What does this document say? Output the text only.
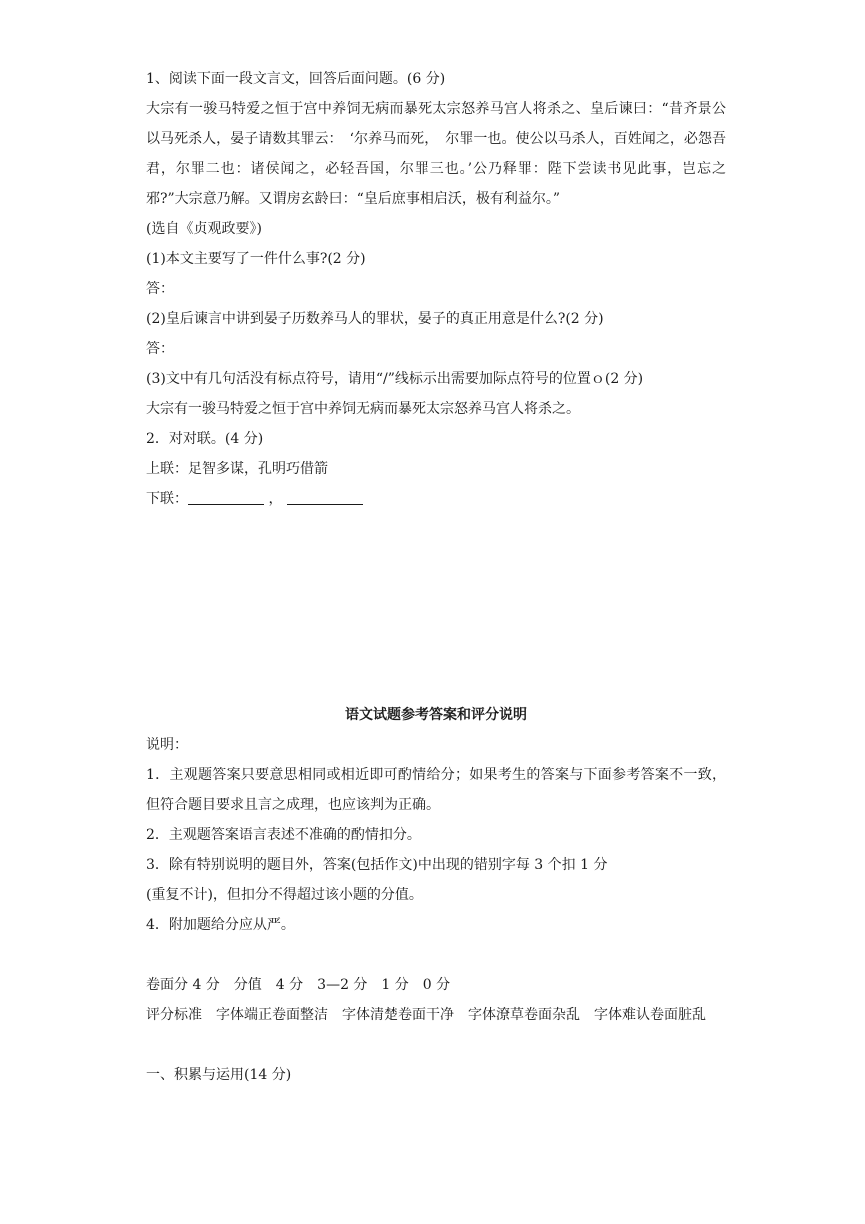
1、阅读下面一段文言文，回答后面问题。(6 分)
大宗有一骏马特爱之恒于宫中养饲无病而暴死太宗怒养马宫人将杀之、皇后谏曰：“昔齐景公以马死杀人，晏子请数其罪云：　‘尔养马而死，　尔罪一也。使公以马杀人，百姓闻之，必怨吾君，尔罪二也：诸侯闻之，必轻吾国，尔罪三也。’公乃释罪：陛下尝读书见此事，岂忘之邪?”大宗意乃解。又谓房玄龄曰：“皇后庶事相启沃，极有利益尔。”
(选自《贞观政要》)
(1)本文主要写了一件什么事?(2 分)
答：
(2)皇后谏言中讲到晏子历数养马人的罪状，晏子的真正用意是什么?(2 分)
答：
(3)文中有几句活没有标点符号，请用“/”线标示出需要加际点符号的位置ｏ(2 分)
大宗有一骏马特爱之恒于宫中养饲无病而暴死太宗怒养马宫人将杀之。
2．对对联。(4 分)
上联：足智多谋，孔明巧借箭
下联：	，
语文试题参考答案和评分说明
说明：
1．主观题答案只要意思相同或相近即可酌情给分；如果考生的答案与下面参考答案不一致，但符合题目要求且言之成理，也应该判为正确。
2．主观题答案语言表述不准确的酌情扣分。
3．除有特别说明的题目外，答案(包括作文)中出现的错别字每 3 个扣 1 分
(重复不计)，但扣分不得超过该小题的分值。
4．附加题给分应从严。
卷面分 4 分　分值　4 分　3—2 分　1 分　0 分
评分标准　字体端正卷面整洁　字体清楚卷面干净　字体潦草卷面杂乱　字体难认卷面脏乱
一、积累与运用(14 分)
